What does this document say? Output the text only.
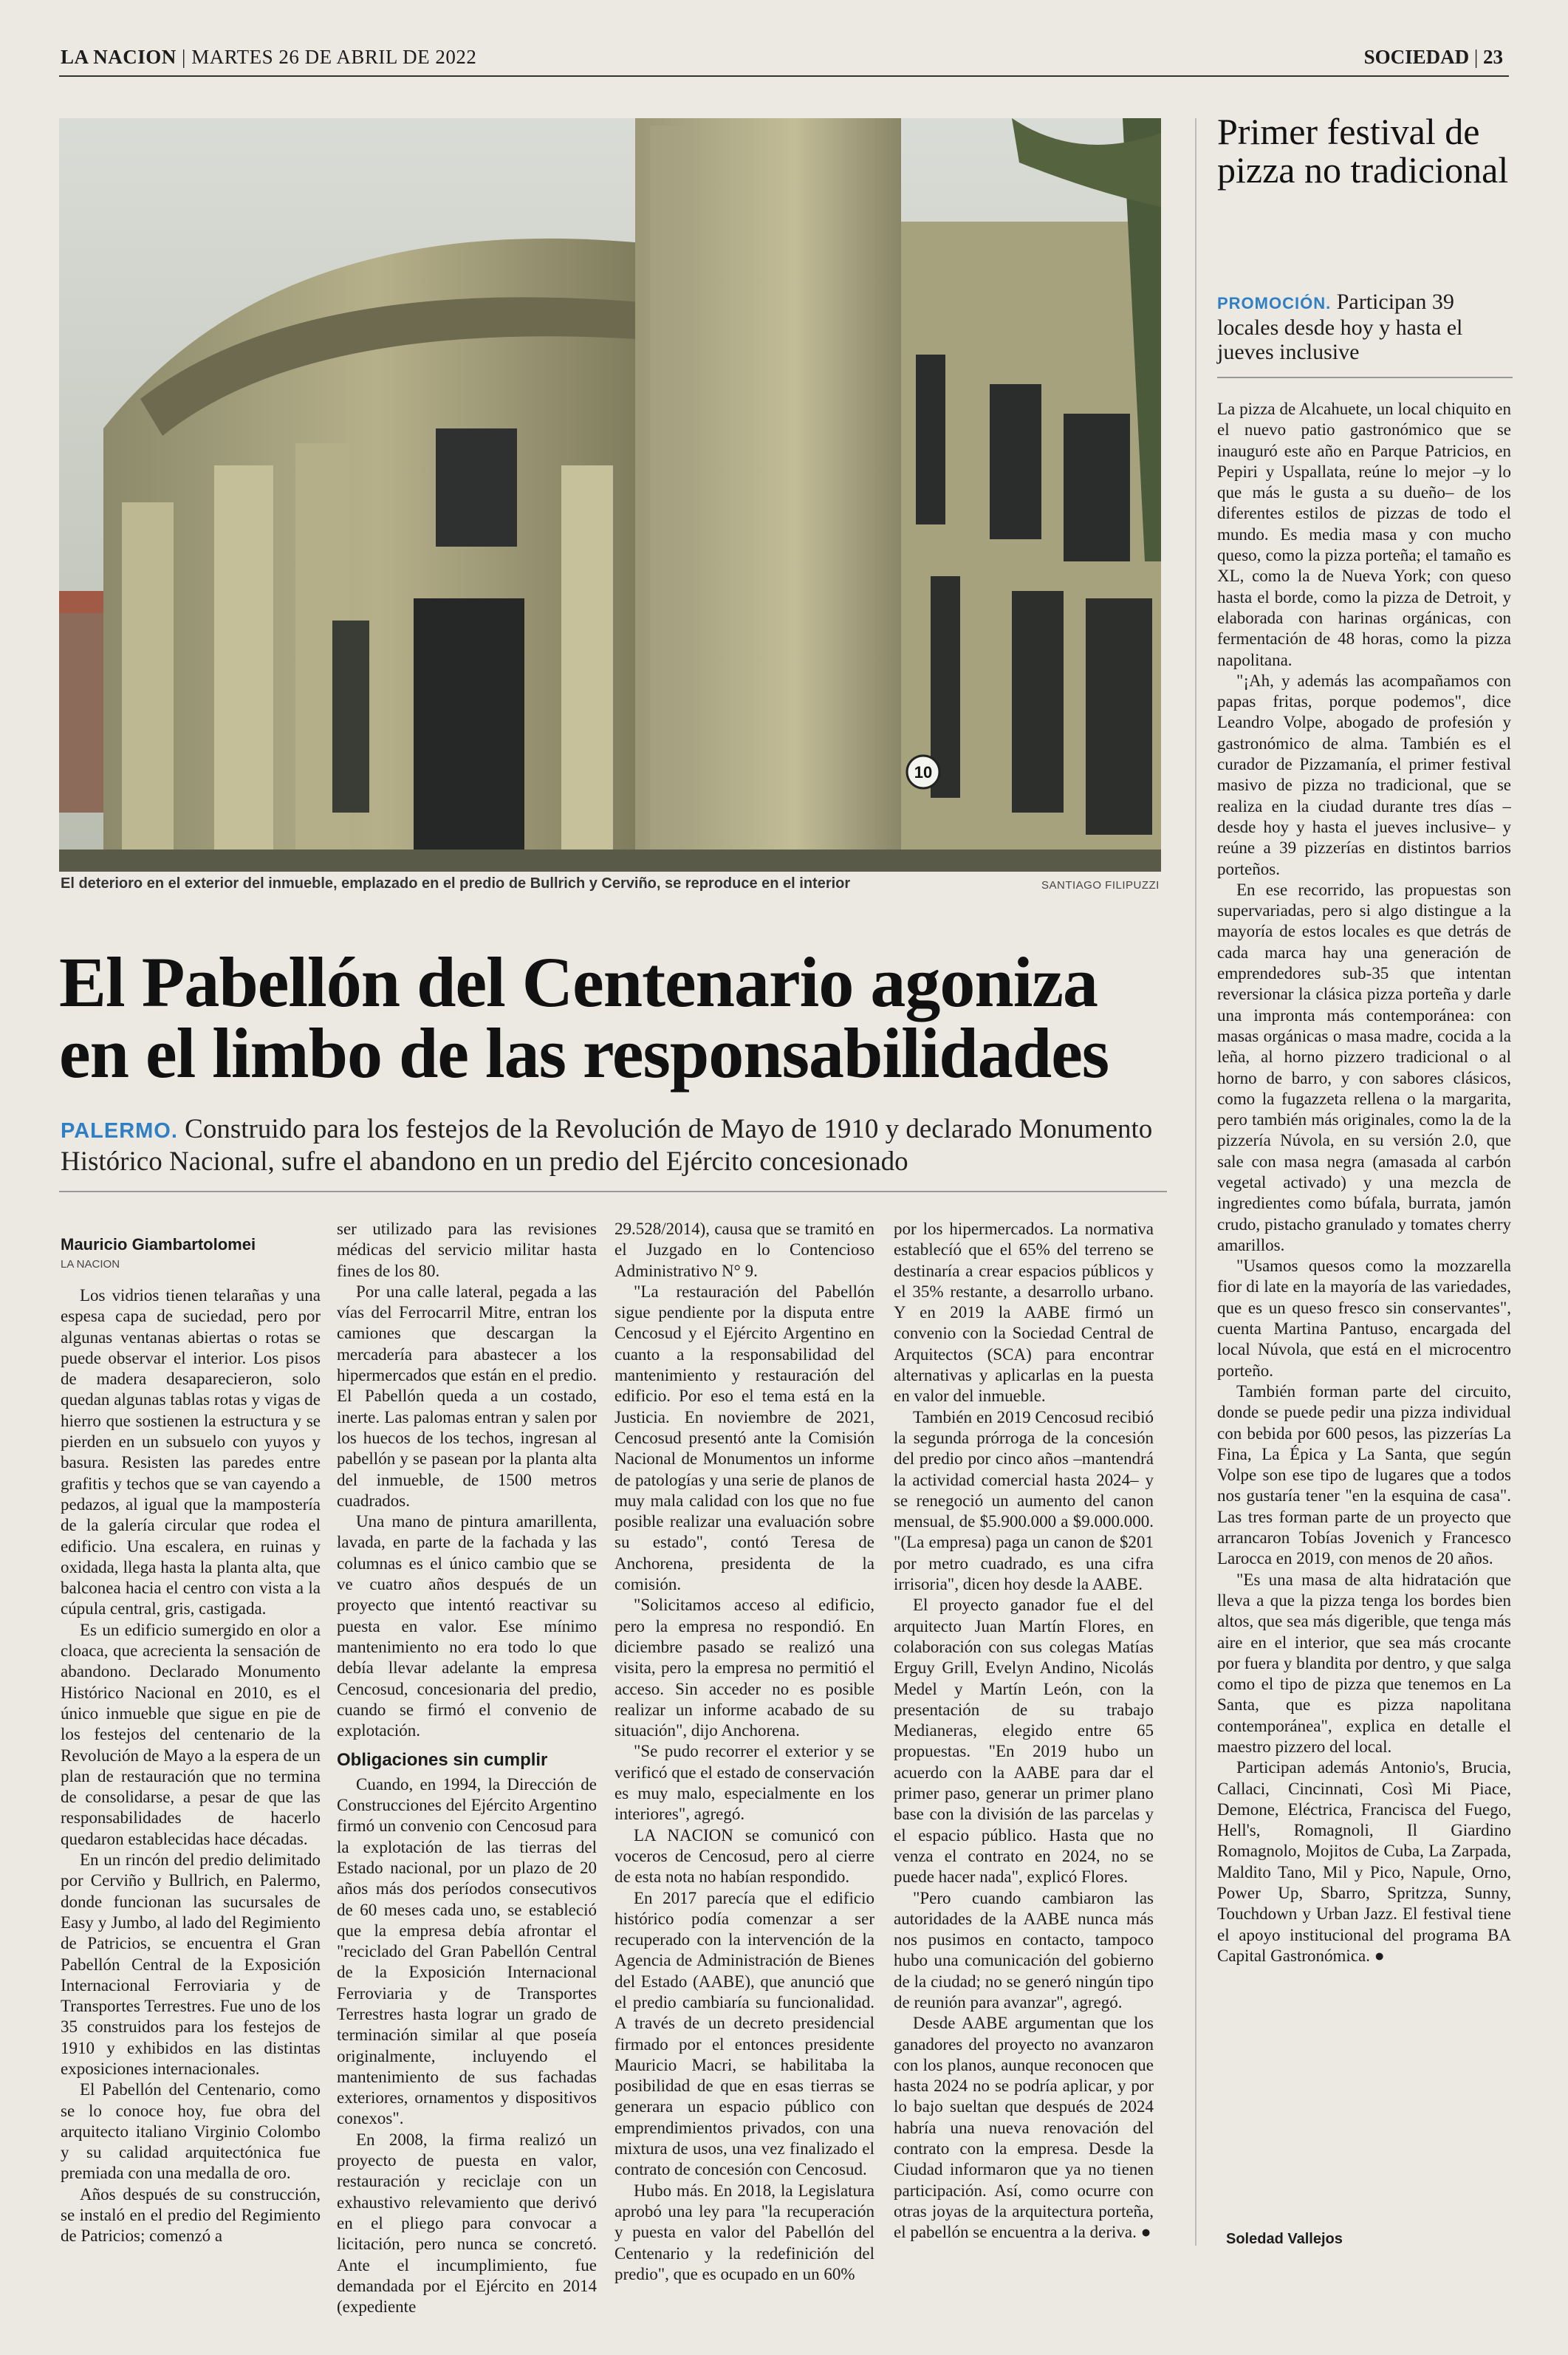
LA NACION | MARTES 26 DE ABRIL DE 2022	SOCIEDAD | 23
10
El deterioro en el exterior del inmueble, emplazado en el predio de Bullrich y Cerviño, se reproduce en el interior	SANTIAGO FILIPUZZI
El Pabellón del Centenario agoniza
en el limbo de las responsabilidades
PALERMO. Construido para los festejos de la Revolución de Mayo de 1910 y declarado Monumento Histórico Nacional, sufre el abandono en un predio del Ejército concesionado
Mauricio Giambartolomei
LA NACION

Los vidrios tienen telarañas y una espesa capa de suciedad, pero por algunas ventanas abiertas o rotas se puede observar el interior. Los pisos de madera desaparecieron, solo quedan algunas tablas rotas y vigas de hierro que sostienen la estructura y se pierden en un subsuelo con yuyos y basura. Resisten las paredes entre grafitis y techos que se van cayendo a pedazos, al igual que la mampostería de la galería circular que rodea el edificio. Una escalera, en ruinas y oxidada, llega hasta la planta alta, que balconea hacia el centro con vista a la cúpula central, gris, castigada.

Es un edificio sumergido en olor a cloaca, que acrecienta la sensación de abandono. Declarado Monumento Histórico Nacional en 2010, es el único inmueble que sigue en pie de los festejos del centenario de la Revolución de Mayo a la espera de un plan de restauración que no termina de consolidarse, a pesar de que las responsabilidades de hacerlo quedaron establecidas hace décadas.

En un rincón del predio delimitado por Cerviño y Bullrich, en Palermo, donde funcionan las sucursales de Easy y Jumbo, al lado del Regimiento de Patricios, se encuentra el Gran Pabellón Central de la Exposición Internacional Ferroviaria y de Transportes Terrestres. Fue uno de los 35 construidos para los festejos de 1910 y exhibidos en las distintas exposiciones internacionales.

El Pabellón del Centenario, como se lo conoce hoy, fue obra del arquitecto italiano Virginio Colombo y su calidad arquitectónica fue premiada con una medalla de oro.

Años después de su construcción, se instaló en el predio del Regimiento de Patricios; comenzó a

ser utilizado para las revisiones médicas del servicio militar hasta fines de los 80.

Por una calle lateral, pegada a las vías del Ferrocarril Mitre, entran los camiones que descargan la mercadería para abastecer a los hipermercados que están en el predio. El Pabellón queda a un costado, inerte. Las palomas entran y salen por los huecos de los techos, ingresan al pabellón y se pasean por la planta alta del inmueble, de 1500 metros cuadrados.

Una mano de pintura amarillenta, lavada, en parte de la fachada y las columnas es el único cambio que se ve cuatro años después de un proyecto que intentó reactivar su puesta en valor. Ese mínimo mantenimiento no era todo lo que debía llevar adelante la empresa Cencosud, concesionaria del predio, cuando se firmó el convenio de explotación.

Obligaciones sin cumplir

Cuando, en 1994, la Dirección de Construcciones del Ejército Argentino firmó un convenio con Cencosud para la explotación de las tierras del Estado nacional, por un plazo de 20 años más dos períodos consecutivos de 60 meses cada uno, se estableció que la empresa debía afrontar el "reciclado del Gran Pabellón Central de la Exposición Internacional Ferroviaria y de Transportes Terrestres hasta lograr un grado de terminación similar al que poseía originalmente, incluyendo el mantenimiento de sus fachadas exteriores, ornamentos y dispositivos conexos".

En 2008, la firma realizó un proyecto de puesta en valor, restauración y reciclaje con un exhaustivo relevamiento que derivó en el pliego para convocar a licitación, pero nunca se concretó. Ante el incumplimiento, fue demandada por el Ejército en 2014 (expediente

29.528/2014), causa que se tramitó en el Juzgado en lo Contencioso Administrativo N° 9.

"La restauración del Pabellón sigue pendiente por la disputa entre Cencosud y el Ejército Argentino en cuanto a la responsabilidad del mantenimiento y restauración del edificio. Por eso el tema está en la Justicia. En noviembre de 2021, Cencosud presentó ante la Comisión Nacional de Monumentos un informe de patologías y una serie de planos de muy mala calidad con los que no fue posible realizar una evaluación sobre su estado", contó Teresa de Anchorena, presidenta de la comisión.

"Solicitamos acceso al edificio, pero la empresa no respondió. En diciembre pasado se realizó una visita, pero la empresa no permitió el acceso. Sin acceder no es posible realizar un informe acabado de su situación", dijo Anchorena.

"Se pudo recorrer el exterior y se verificó que el estado de conservación es muy malo, especialmente en los interiores", agregó.

LA NACION se comunicó con voceros de Cencosud, pero al cierre de esta nota no habían respondido.

En 2017 parecía que el edificio histórico podía comenzar a ser recuperado con la intervención de la Agencia de Administración de Bienes del Estado (AABE), que anunció que el predio cambiaría su funcionalidad. A través de un decreto presidencial firmado por el entonces presidente Mauricio Macri, se habilitaba la posibilidad de que en esas tierras se generara un espacio público con emprendimientos privados, con una mixtura de usos, una vez finalizado el contrato de concesión con Cencosud.

Hubo más. En 2018, la Legislatura aprobó una ley para "la recuperación y puesta en valor del Pabellón del Centenario y la redefinición del predio", que es ocupado en un 60%

por los hipermercados. La normativa establecíó que el 65% del terreno se destinaría a crear espacios públicos y el 35% restante, a desarrollo urbano. Y en 2019 la AABE firmó un convenio con la Sociedad Central de Arquitectos (SCA) para encontrar alternativas y aplicarlas en la puesta en valor del inmueble.

También en 2019 Cencosud recibió la segunda prórroga de la concesión del predio por cinco años –mantendrá la actividad comercial hasta 2024– y se renegoció un aumento del canon mensual, de $5.900.000 a $9.000.000. "(La empresa) paga un canon de $201 por metro cuadrado, es una cifra irrisoria", dicen hoy desde la AABE.

El proyecto ganador fue el del arquitecto Juan Martín Flores, en colaboración con sus colegas Matías Erguy Grill, Evelyn Andino, Nicolás Medel y Martín León, con la presentación de su trabajo Medianeras, elegido entre 65 propuestas. "En 2019 hubo un acuerdo con la AABE para dar el primer paso, generar un primer plano base con la división de las parcelas y el espacio público. Hasta que no venza el contrato en 2024, no se puede hacer nada", explicó Flores.

"Pero cuando cambiaron las autoridades de la AABE nunca más nos pusimos en contacto, tampoco hubo una comunicación del gobierno de la ciudad; no se generó ningún tipo de reunión para avanzar", agregó.

Desde AABE argumentan que los ganadores del proyecto no avanzaron con los planos, aunque reconocen que hasta 2024 no se podría aplicar, y por lo bajo sueltan que después de 2024 habría una nueva renovación del contrato con la empresa. Desde la Ciudad informaron que ya no tienen participación. Así, como ocurre con otras joyas de la arquitectura porteña, el pabellón se encuentra a la deriva. ●

Primer festival de pizza no tradicional
PROMOCIÓN. Participan 39 locales desde hoy y hasta el jueves inclusive

La pizza de Alcahuete, un local chiquito en el nuevo patio gastronómico que se inauguró este año en Parque Patricios, en Pepiri y Uspallata, reúne lo mejor –y lo que más le gusta a su dueño– de los diferentes estilos de pizzas de todo el mundo. Es media masa y con mucho queso, como la pizza porteña; el tamaño es XL, como la de Nueva York; con queso hasta el borde, como la pizza de Detroit, y elaborada con harinas orgánicas, con fermentación de 48 horas, como la pizza napolitana.

"¡Ah, y además las acompañamos con papas fritas, porque podemos", dice Leandro Volpe, abogado de profesión y gastronómico de alma. También es el curador de Pizzamanía, el primer festival masivo de pizza no tradicional, que se realiza en la ciudad durante tres días –desde hoy y hasta el jueves inclusive– y reúne a 39 pizzerías en distintos barrios porteños.

En ese recorrido, las propuestas son supervariadas, pero si algo distingue a la mayoría de estos locales es que detrás de cada marca hay una generación de emprendedores sub-35 que intentan reversionar la clásica pizza porteña y darle una impronta más contemporánea: con masas orgánicas o masa madre, cocida a la leña, al horno pizzero tradicional o al horno de barro, y con sabores clásicos, como la fugazzeta rellena o la margarita, pero también más originales, como la de la pizzería Núvola, en su versión 2.0, que sale con masa negra (amasada al carbón vegetal activado) y una mezcla de ingredientes como búfala, burrata, jamón crudo, pistacho granulado y tomates cherry amarillos.

"Usamos quesos como la mozzarella fior di late en la mayoría de las variedades, que es un queso fresco sin conservantes", cuenta Martina Pantuso, encargada del local Núvola, que está en el microcentro porteño.

También forman parte del circuito, donde se puede pedir una pizza individual con bebida por 600 pesos, las pizzerías La Fina, La Épica y La Santa, que según Volpe son ese tipo de lugares que a todos nos gustaría tener "en la esquina de casa". Las tres forman parte de un proyecto que arrancaron Tobías Jovenich y Francesco Larocca en 2019, con menos de 20 años.

"Es una masa de alta hidratación que lleva a que la pizza tenga los bordes bien altos, que sea más digerible, que tenga más aire en el interior, que sea más crocante por fuera y blandita por dentro, y que salga como el tipo de pizza que tenemos en La Santa, que es pizza napolitana contemporánea", explica en detalle el maestro pizzero del local.

Participan además Antonio's, Brucia, Callaci, Cincinnati, Così Mi Piace, Demone, Eléctrica, Francisca del Fuego, Hell's, Romagnoli, Il Giardino Romagnolo, Mojitos de Cuba, La Zarpada, Maldito Tano, Mil y Pico, Napule, Orno, Power Up, Sbarro, Spritzza, Sunny, Touchdown y Urban Jazz. El festival tiene el apoyo institucional del programa BA Capital Gastronómica. ●

Soledad Vallejos
